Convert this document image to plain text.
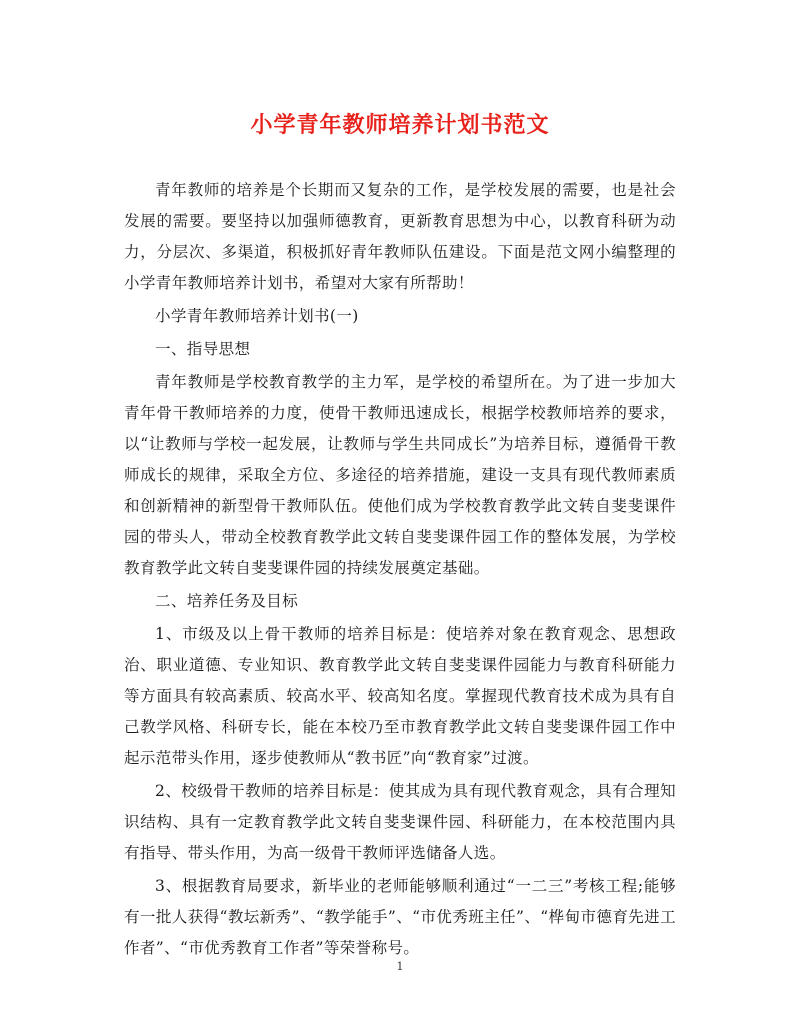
小学青年教师培养计划书范文

青年教师的培养是个长期而又复杂的工作，是学校发展的需要，也是社会发展的需要。要坚持以加强师德教育，更新教育思想为中心，以教育科研为动力，分层次、多渠道，积极抓好青年教师队伍建设。下面是范文网小编整理的小学青年教师培养计划书，希望对大家有所帮助！

小学青年教师培养计划书(一)

一、指导思想

青年教师是学校教育教学的主力军，是学校的希望所在。为了进一步加大青年骨干教师培养的力度，使骨干教师迅速成长，根据学校教师培养的要求，以“让教师与学校一起发展，让教师与学生共同成长”为培养目标，遵循骨干教师成长的规律，采取全方位、多途径的培养措施，建设一支具有现代教师素质和创新精神的新型骨干教师队伍。使他们成为学校教育教学此文转自斐斐课件园的带头人，带动全校教育教学此文转自斐斐课件园工作的整体发展，为学校教育教学此文转自斐斐课件园的持续发展奠定基础。

二、培养任务及目标

1、市级及以上骨干教师的培养目标是：使培养对象在教育观念、思想政治、职业道德、专业知识、教育教学此文转自斐斐课件园能力与教育科研能力等方面具有较高素质、较高水平、较高知名度。掌握现代教育技术成为具有自己教学风格、科研专长，能在本校乃至市教育教学此文转自斐斐课件园工作中起示范带头作用，逐步使教师从“教书匠”向“教育家”过渡。

2、校级骨干教师的培养目标是：使其成为具有现代教育观念，具有合理知识结构、具有一定教育教学此文转自斐斐课件园、科研能力，在本校范围内具有指导、带头作用，为高一级骨干教师评选储备人选。

3、根据教育局要求，新毕业的老师能够顺利通过“一二三”考核工程;能够有一批人获得“教坛新秀”、“教学能手”、“市优秀班主任”、“桦甸市德育先进工作者”、“市优秀教育工作者”等荣誉称号。

1
